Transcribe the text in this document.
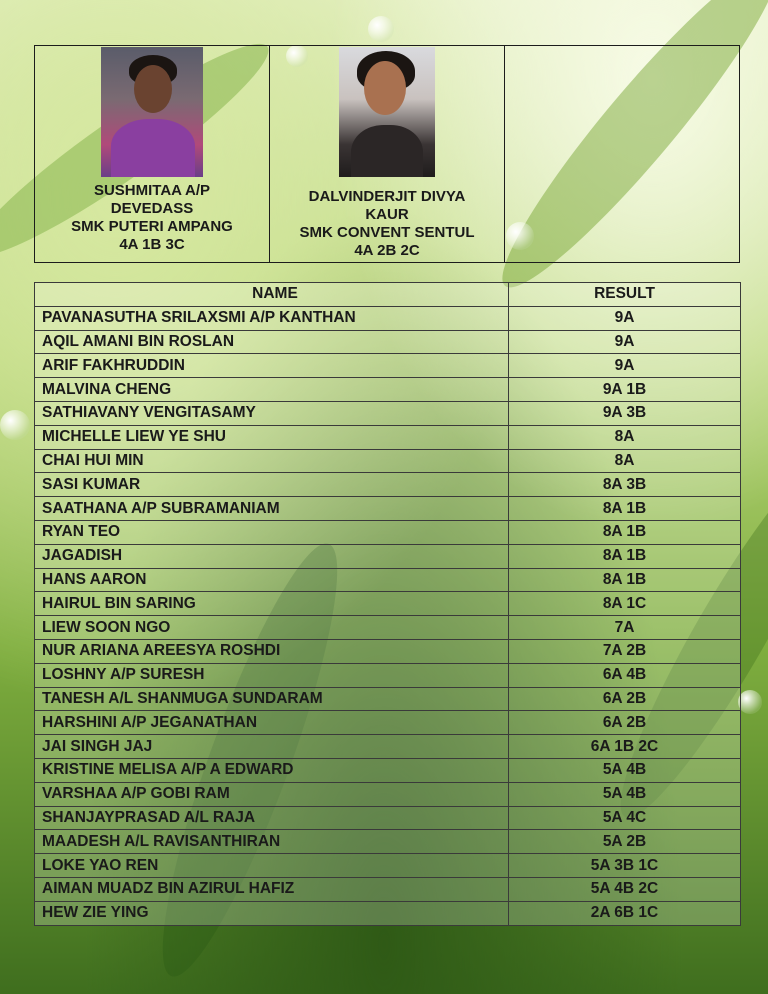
SUSHMITAA A/P
DEVEDASS
SMK PUTERI AMPANG
4A 1B 3C

DALVINDERJIT DIVYA
KAUR
SMK CONVENT SENTUL
4A 2B 2C

NAME	RESULT
PAVANASUTHA SRILAXSMI A/P KANTHAN	9A
AQIL AMANI BIN ROSLAN	9A
ARIF FAKHRUDDIN	9A
MALVINA CHENG	9A 1B
SATHIAVANY VENGITASAMY	9A 3B
MICHELLE LIEW YE SHU	8A
CHAI HUI MIN	8A
SASI KUMAR	8A 3B
SAATHANA A/P SUBRAMANIAM	8A 1B
RYAN TEO	8A 1B
JAGADISH	8A 1B
HANS AARON	8A 1B
HAIRUL BIN SARING	8A 1C
LIEW SOON NGO	7A
NUR ARIANA AREESYA ROSHDI	7A 2B
LOSHNY A/P SURESH	6A 4B
TANESH A/L SHANMUGA SUNDARAM	6A 2B
HARSHINI A/P JEGANATHAN	6A 2B
JAI SINGH JAJ	6A 1B 2C
KRISTINE MELISA A/P A EDWARD	5A 4B
VARSHAA A/P GOBI RAM	5A 4B
SHANJAYPRASAD A/L RAJA	5A 4C
MAADESH A/L RAVISANTHIRAN	5A 2B
LOKE YAO REN	5A 3B 1C
AIMAN MUADZ BIN AZIRUL HAFIZ	5A 4B 2C
HEW ZIE YING	2A 6B 1C
